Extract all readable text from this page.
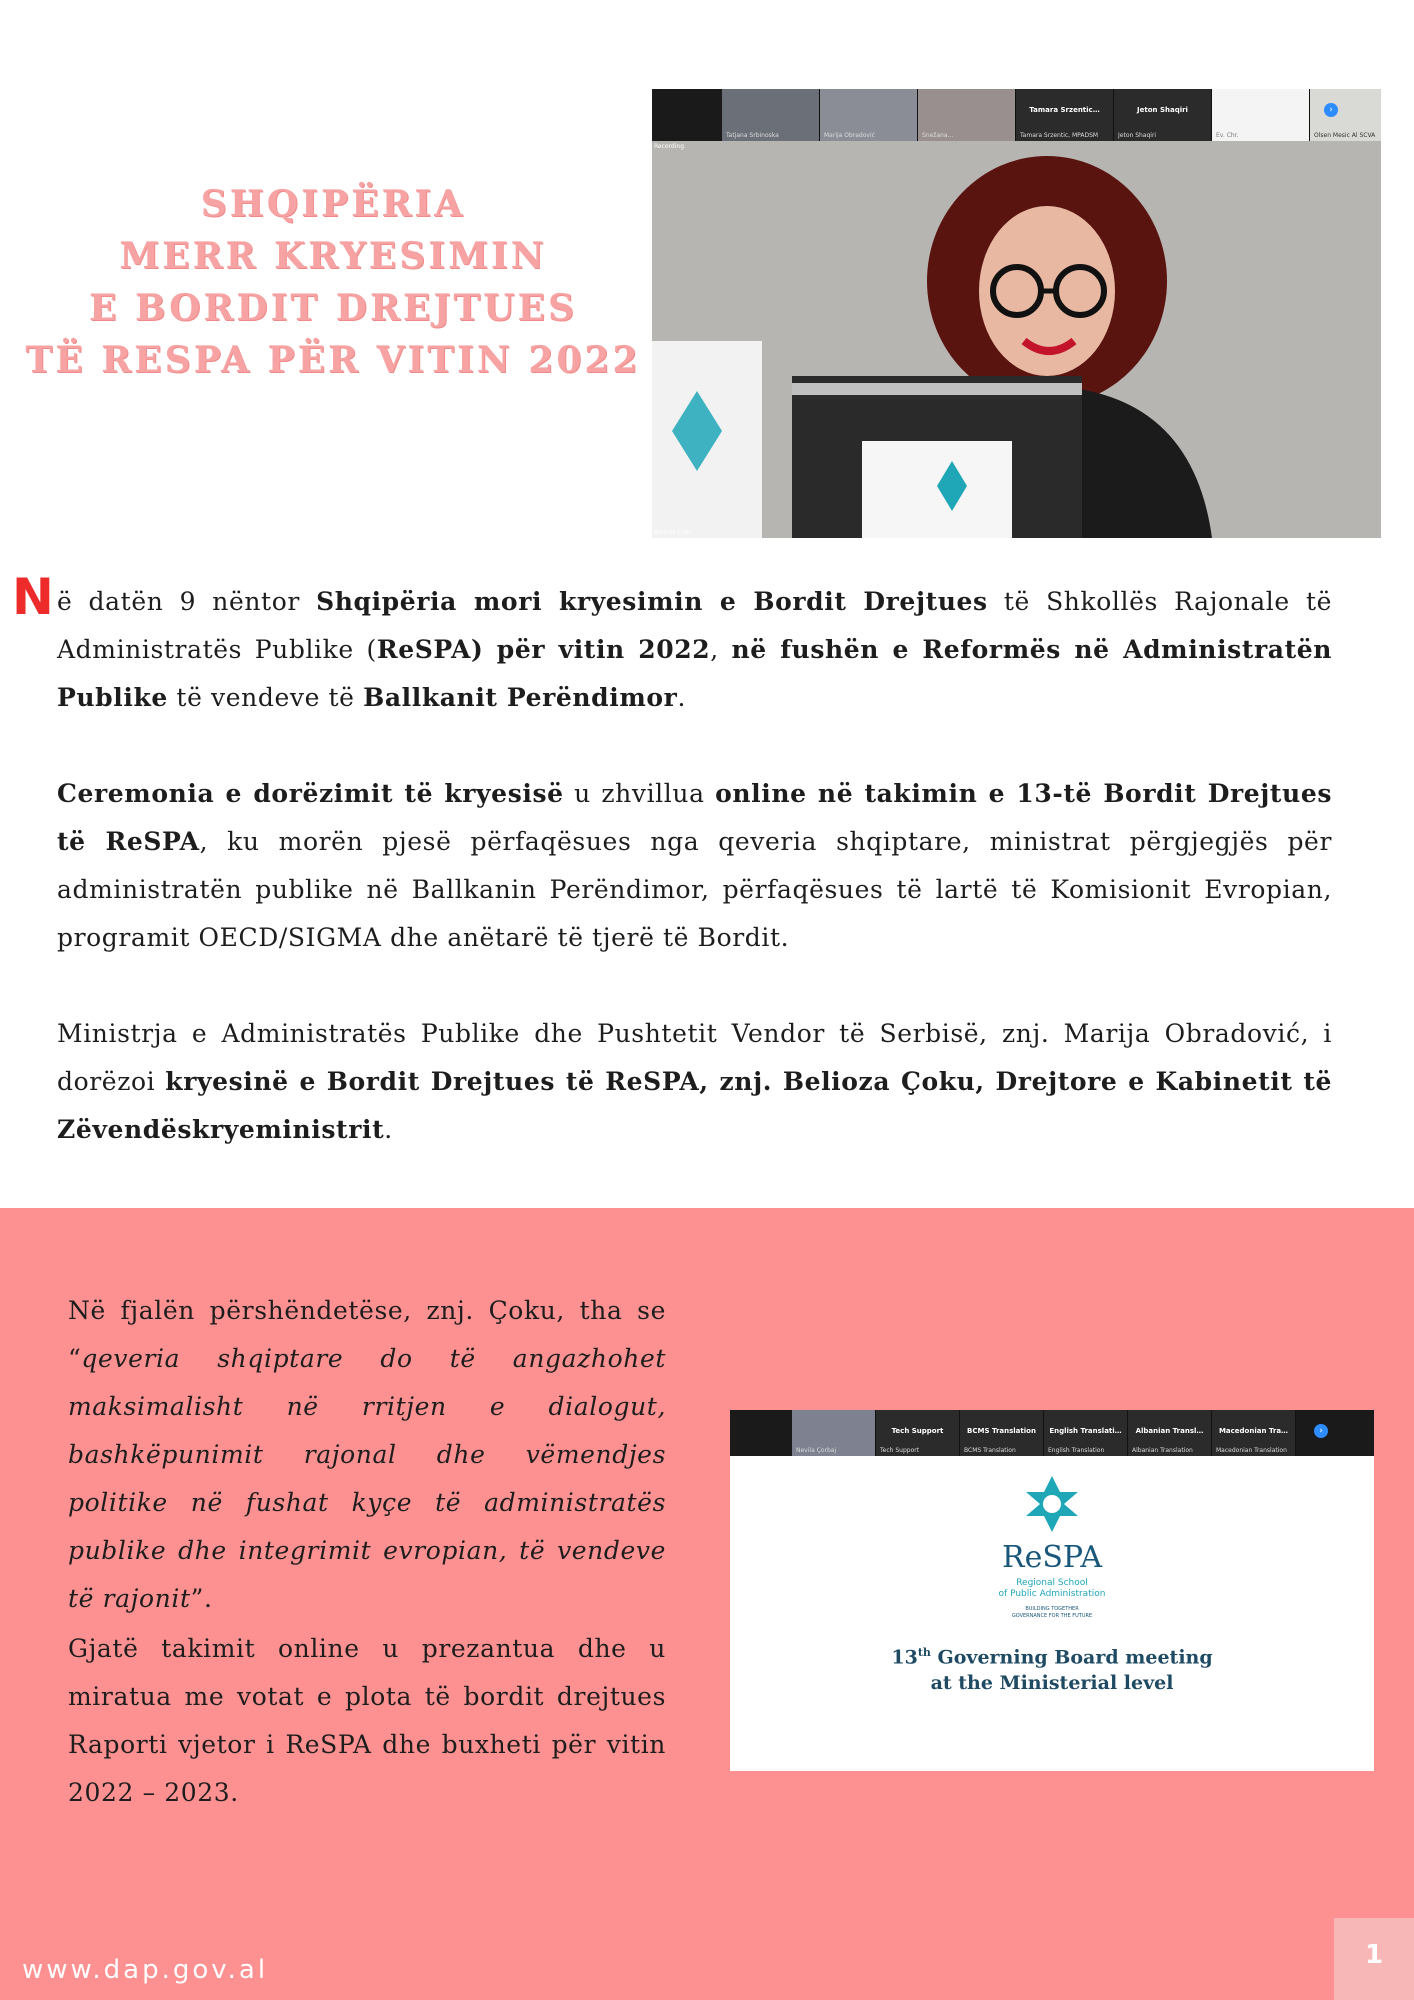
SHQIPËRIA
MERR KRYESIMIN
E BORDIT DREJTUES
TË RESPA PËR VITIN 2022
Tatjana Srbinoska	Marija Obradović	Snežana…
Tamara Srzentic…
Tamara Srzentic, MPADSM
Jeton Shaqiri
Jeton Shaqiri	Ev. Chr.	Olsen Mesic Al SCVA
›
Recording
Belioza Çoku
N ë datën 9 nëntor Shqipëria mori kryesimin e Bordit Drejtues të Shkollës Rajonale të Administratës Publike (ReSPA) për vitin 2022, në fushën e Reformës në Administratën Publike të vendeve të Ballkanit Perëndimor.

Ceremonia e dorëzimit të kryesisë u zhvillua online në takimin e 13-të Bordit Drejtues të ReSPA, ku morën pjesë përfaqësues nga qeveria shqiptare, ministrat përgjegjës për administratën publike në Ballkanin Perëndimor, përfaqësues të lartë të Komisionit Evropian, programit OECD/SIGMA dhe anëtarë të tjerë të Bordit.

Ministrja e Administratës Publike dhe Pushtetit Vendor të Serbisë, znj. Marija Obradović, i dorëzoi kryesinë e Bordit Drejtues të ReSPA, znj. Belioza Çoku, Drejtore e Kabinetit të Zëvendëskryeministrit.

Në fjalën përshëndetëse, znj. Çoku, tha se “qeveria shqiptare do të angazhohet maksimalisht në rritjen e dialogut, bashkëpunimit rajonal dhe vëmendjes politike në fushat kyçe të administratës publike dhe integrimit evropian, të vendeve të rajonit”.

Gjatë takimit online u prezantua dhe u miratua me votat e plota të bordit drejtues Raporti vjetor i ReSPA dhe buxheti për vitin 2022 – 2023.

Nevila Çorbaj
Tech Support
Tech Support
BCMS Translation
BCMS Translation
English Translati…
English Translation
Albanian Transl…
Albanian Translation
Macedonian Tra…
Macedonian Translation
›
ReSPA
Regional School
of Public Administration
BUILDING TOGETHER
GOVERNANCE FOR THE FUTURE
13th Governing Board meeting
at the Ministerial level
www.dap.gov.al	1
